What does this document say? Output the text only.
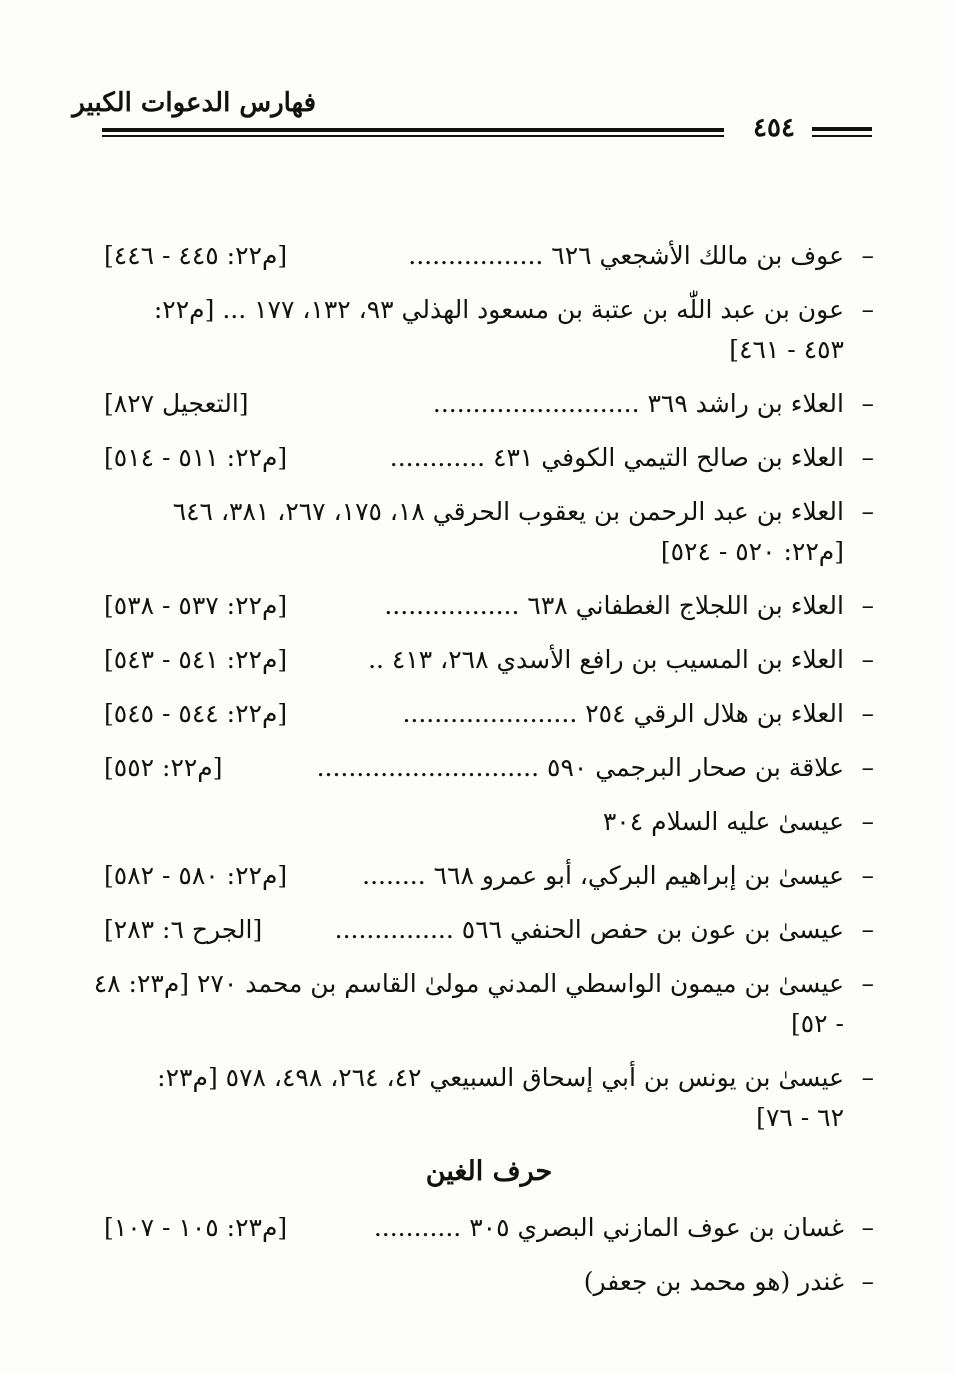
فهارس الدعوات الكبير
٤٥٤
–
عوف بن مالك الأشجعي ٦٢٦ .................
[م٢٢: ٤٤٥ - ٤٤٦]
–
عون بن عبد اللّٰه بن عتبة بن مسعود الهذلي ٩٣، ١٣٢، ١٧٧ ... [م٢٢:
٤٥٣ - ٤٦١]
–
العلاء بن راشد ٣٦٩ ..........................
[التعجيل ٨٢٧]
–
العلاء بن صالح التيمي الكوفي ٤٣١ ............
[م٢٢: ٥١١ - ٥١٤]
–
العلاء بن عبد الرحمن بن يعقوب الحرقي ١٨، ١٧٥، ٢٦٧، ٣٨١، ٦٤٦
[م٢٢: ٥٢٠ - ٥٢٤]
–
العلاء بن اللجلاج الغطفاني ٦٣٨ .................
[م٢٢: ٥٣٧ - ٥٣٨]
–
العلاء بن المسيب بن رافع الأسدي ٢٦٨، ٤١٣ ..
[م٢٢: ٥٤١ - ٥٤٣]
–
العلاء بن هلال الرقي ٢٥٤ ......................
[م٢٢: ٥٤٤ - ٥٤٥]
–
علاقة بن صحار البرجمي ٥٩٠ ............................
[م٢٢: ٥٥٢]
–
عيسىٰ عليه السلام ٣٠٤
–
عيسىٰ بن إبراهيم البركي، أبو عمرو ٦٦٨ ........
[م٢٢: ٥٨٠ - ٥٨٢]
–
عيسىٰ بن عون بن حفص الحنفي ٥٦٦ ...............
[الجرح ٦: ٢٨٣]
–
عيسىٰ بن ميمون الواسطي المدني مولىٰ القاسم بن محمد ٢٧٠ [م٢٣: ٤٨
- ٥٢]
–
عيسىٰ بن يونس بن أبي إسحاق السبيعي ٤٢، ٢٦٤، ٤٩٨، ٥٧٨ [م٢٣:
٦٢ - ٧٦]
حرف الغين
–
غسان بن عوف المازني البصري ٣٠٥ ...........
[م٢٣: ١٠٥ - ١٠٧]
–
غندر (هو محمد بن جعفر)
